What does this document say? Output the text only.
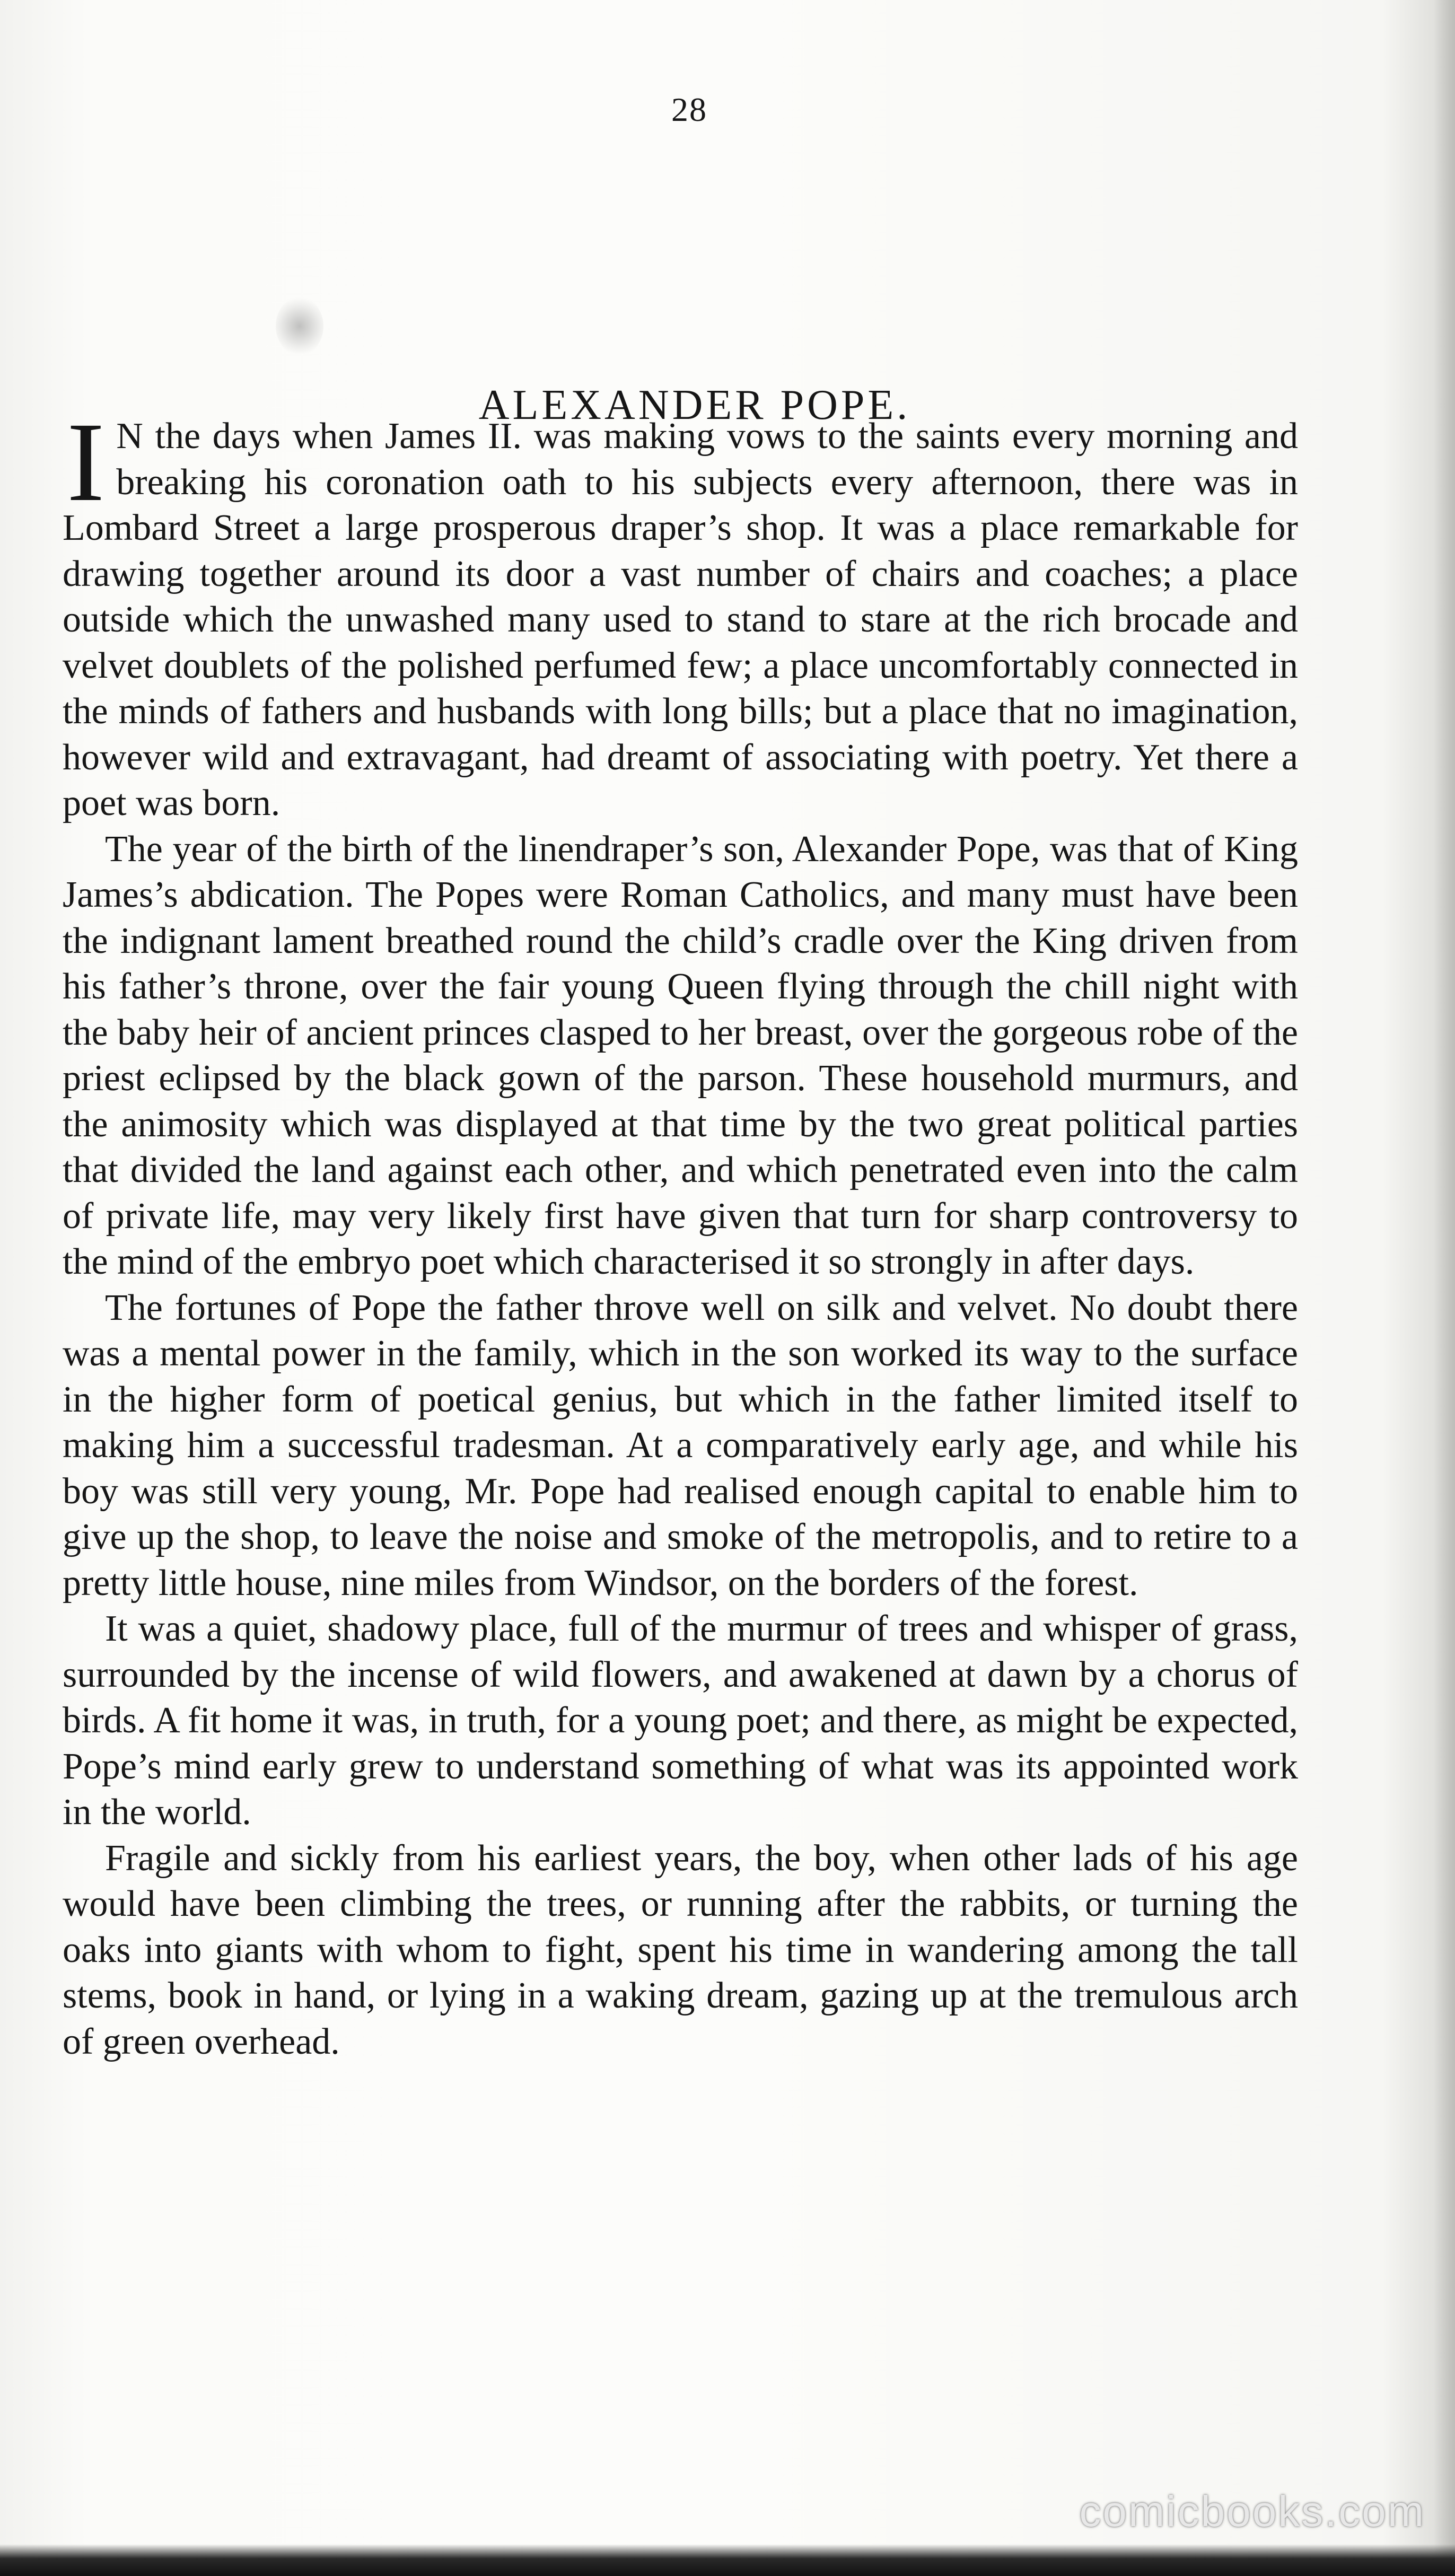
28
ALEXANDER POPE.

I N the days when James II. was making vows to the saints every morning and breaking his coronation oath to his subjects every afternoon, there was in Lombard Street a large prosperous draper’s shop. It was a place remarkable for drawing together around its door a vast number of chairs and coaches; a place outside which the unwashed many used to stand to stare at the rich brocade and velvet doublets of the polished perfumed few; a place uncomfortably connected in the minds of fathers and husbands with long bills; but a place that no imagination, however wild and extravagant, had dreamt of associating with poetry. Yet there a poet was born.

The year of the birth of the linendraper’s son, Alexander Pope, was that of King James’s abdication. The Popes were Roman Catholics, and many must have been the indignant lament breathed round the child’s cradle over the King driven from his father’s throne, over the fair young Queen flying through the chill night with the baby heir of ancient princes clasped to her breast, over the gorgeous robe of the priest eclipsed by the black gown of the parson. These household murmurs, and the animosity which was displayed at that time by the two great political parties that divided the land against each other, and which penetrated even into the calm of private life, may very likely first have given that turn for sharp controversy to the mind of the embryo poet which characterised it so strongly in after days.

The fortunes of Pope the father throve well on silk and velvet. No doubt there was a mental power in the family, which in the son worked its way to the surface in the higher form of poetical genius, but which in the father limited itself to making him a successful tradesman. At a comparatively early age, and while his boy was still very young, Mr. Pope had realised enough capital to enable him to give up the shop, to leave the noise and smoke of the metropolis, and to retire to a pretty little house, nine miles from Windsor, on the borders of the forest.

It was a quiet, shadowy place, full of the murmur of trees and whisper of grass, surrounded by the incense of wild flowers, and awakened at dawn by a chorus of birds. A fit home it was, in truth, for a young poet; and there, as might be expected, Pope’s mind early grew to understand something of what was its appointed work in the world.

Fragile and sickly from his earliest years, the boy, when other lads of his age would have been climbing the trees, or running after the rabbits, or turning the oaks into giants with whom to fight, spent his time in wandering among the tall stems, book in hand, or lying in a waking dream, gazing up at the tremulous arch of green overhead.

comicbooks.com
